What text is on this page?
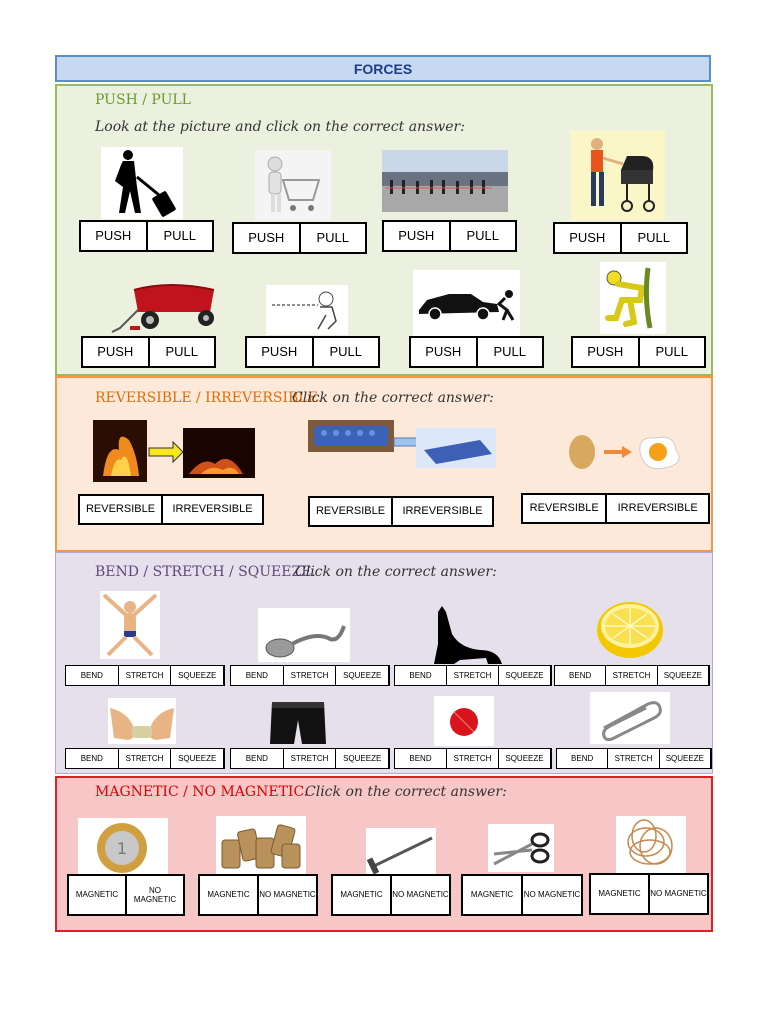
FORCES
PUSH / PULL
Look at the picture and click on the correct answer:
PUSH	PULL	PUSH	PULL	PUSH	PULL	PUSH	PULL
PUSH	PULL	PUSH	PULL	PUSH	PULL	PUSH	PULL
REVERSIBLE / IRREVERSIBLE.
Click on the correct answer:
REVERSIBLE	IRREVERSIBLE	REVERSIBLE	IRREVERSIBLE	REVERSIBLE	IRREVERSIBLE
BEND / STRETCH / SQUEEZE.
Click on the correct answer:
BEND	STRETCH	SQUEEZE	BEND	STRETCH	SQUEEZE	BEND	STRETCH	SQUEEZE	BEND	STRETCH	SQUEEZE
BEND	STRETCH	SQUEEZE	BEND	STRETCH	SQUEEZE	BEND	STRETCH	SQUEEZE	BEND	STRETCH	SQUEEZE
MAGNETIC / NO MAGNETIC.
Click on the correct answer:
1
MAGNETIC
NO MAGNETIC
MAGNETIC	NO MAGNETIC	MAGNETIC	NO MAGNETIC	MAGNETIC	NO MAGNETIC	MAGNETIC	NO MAGNETIC
